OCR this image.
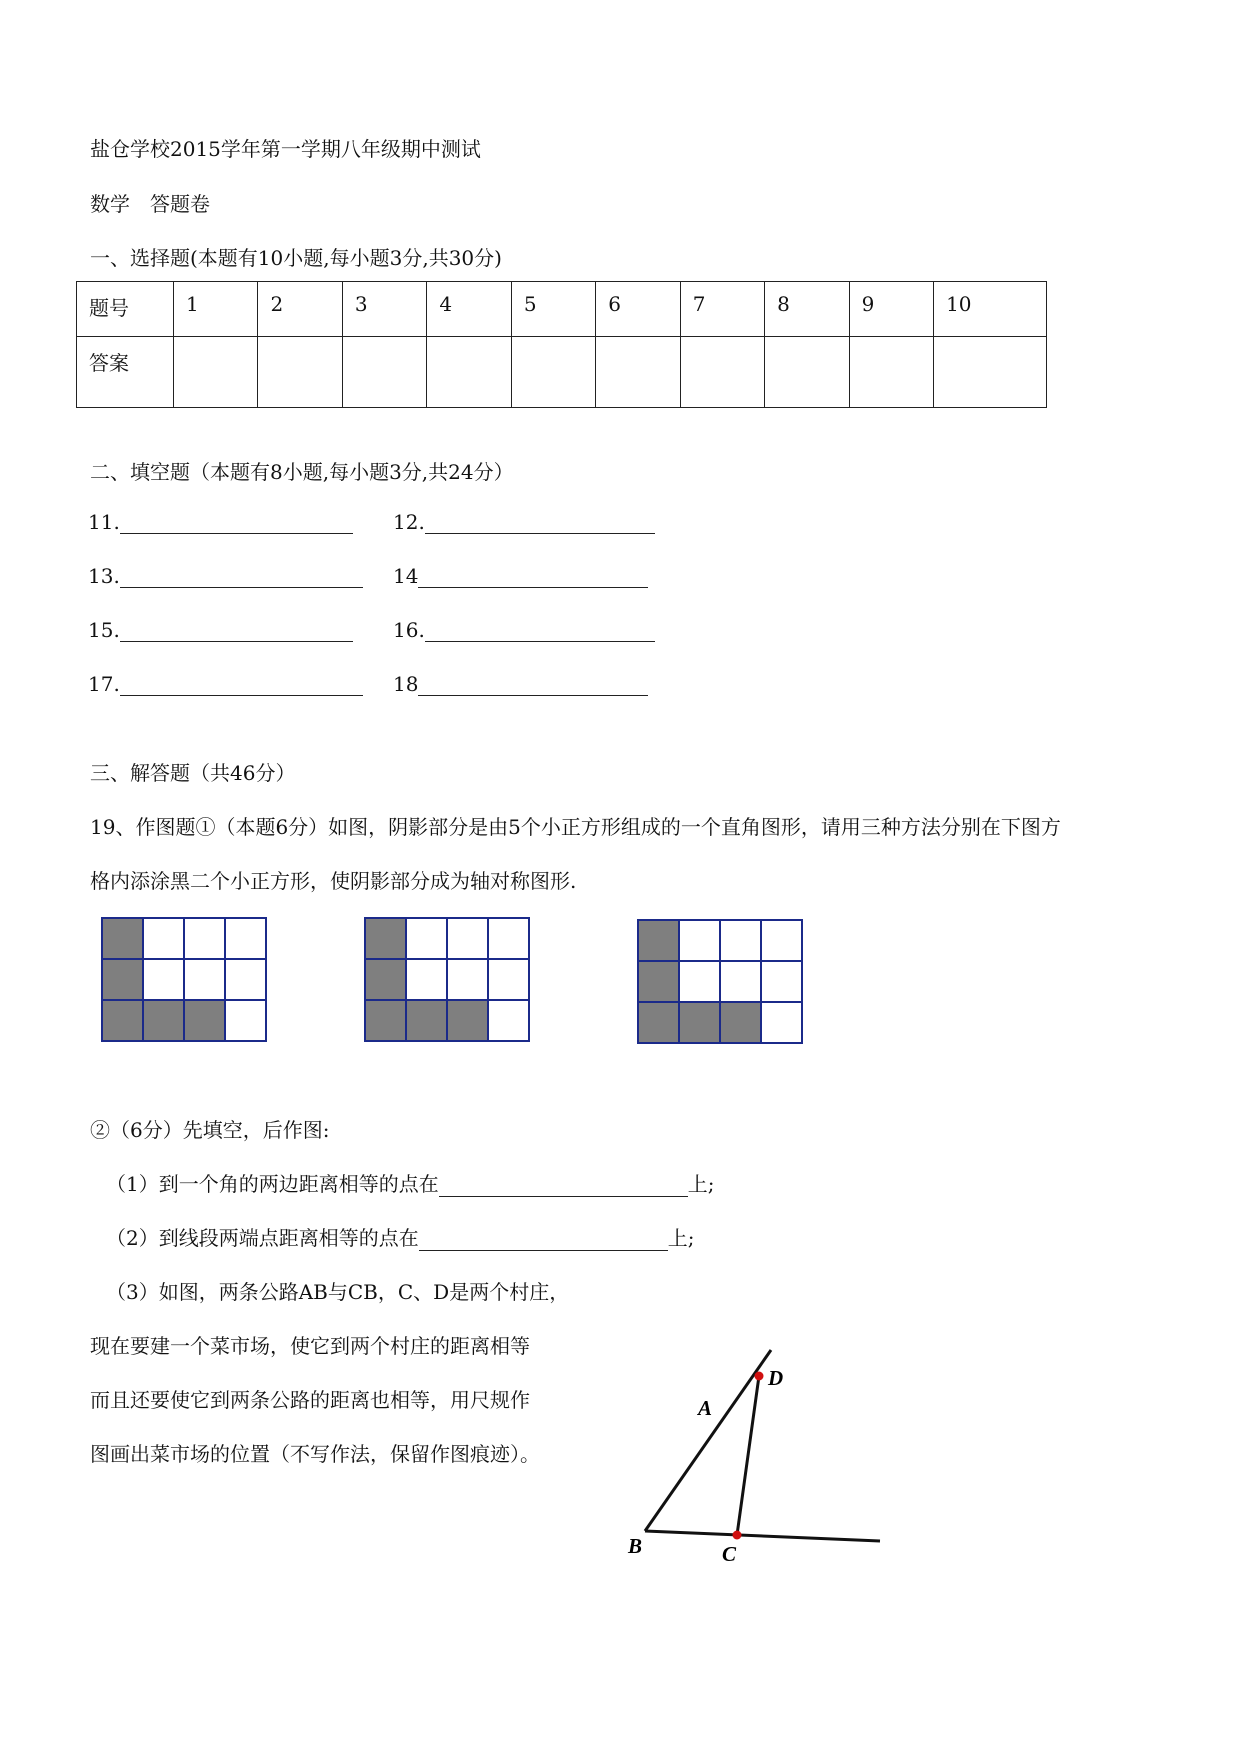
盐仓学校2015学年第一学期八年级期中测试
数学　答题卷
一、选择题(本题有10小题,每小题3分,共30分)
题号	1	2	3	4	5	6	7	8	9	10
答案										
二、填空题（本题有8小题,每小题3分,共24分）
11.	12.
13.	14
15.	16.
17.	18
三、解答题（共46分）
19、作图题①（本题6分）如图，阴影部分是由5个小正方形组成的一个直角图形，请用三种方法分别在下图方
格内添涂黑二个小正方形，使阴影部分成为轴对称图形.
②（6分）先填空，后作图:
（1）到一个角的两边距离相等的点在	上;
（2）到线段两端点距离相等的点在	上;
（3）如图，两条公路AB与CB，C、D是两个村庄，
现在要建一个菜市场，使它到两个村庄的距离相等
而且还要使它到两条公路的距离也相等，用尺规作
图画出菜市场的位置（不写作法，保留作图痕迹）。
A
B	C
D
